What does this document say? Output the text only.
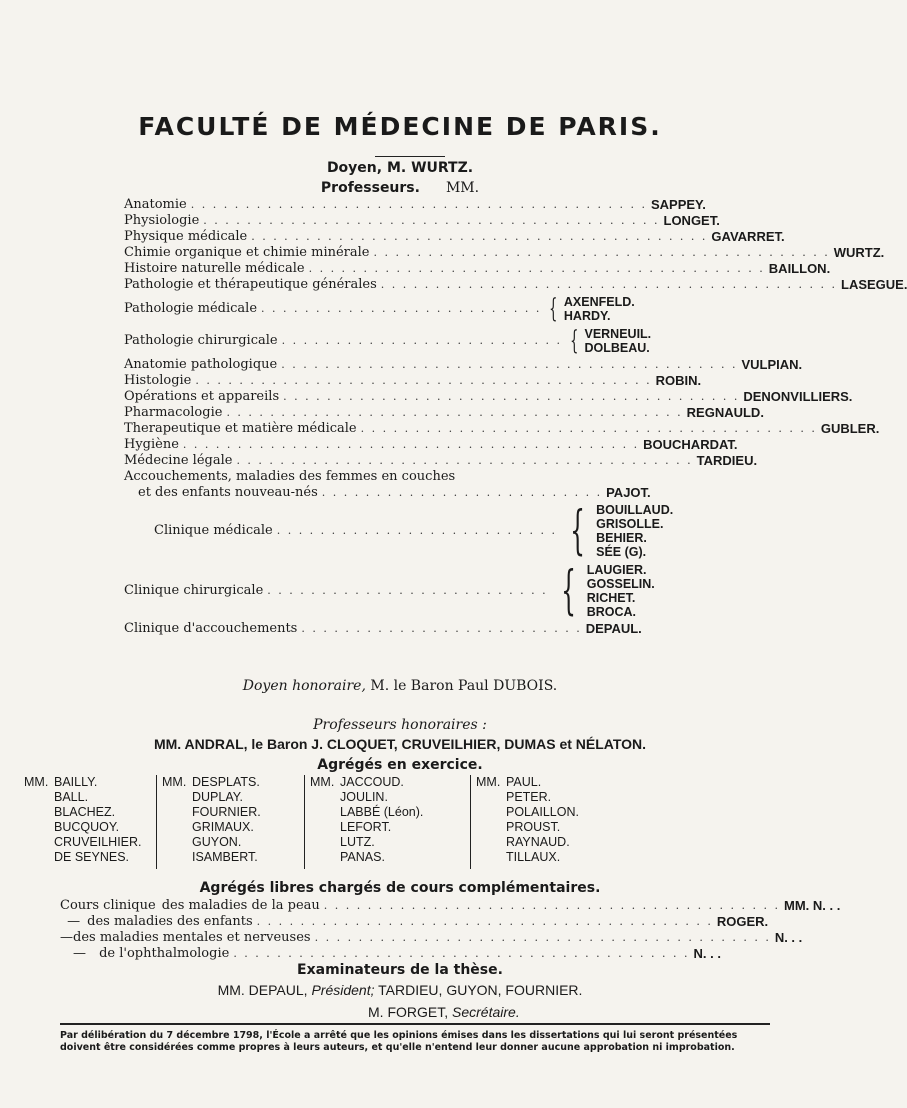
FACULTÉ DE MÉDECINE DE PARIS.
Doyen, M. WURTZ.
Professeurs. MM.
Anatomie . . . . . . . . . . . . . . . . . . . . . . . . . . . . . . . . . . . . . . . . . . SAPPEY.
Physiologie . . . . . . . . . . . . . . . . . . . . . . . . . . . . . . . . . . . . . . . . . . LONGET.
Physique médicale . . . . . . . . . . . . . . . . . . . . . . . . . . . . . . . . . . . . . . . . . . GAVARRET.
Chimie organique et chimie minérale . . . . . . . . . . . . . . . . . . . . . . . . . . . . . . . . . . . . . . . . . . WURTZ.
Histoire naturelle médicale . . . . . . . . . . . . . . . . . . . . . . . . . . . . . . . . . . . . . . . . . . BAILLON.
Pathologie et thérapeutique générales . . . . . . . . . . . . . . . . . . . . . . . . . . . . . . . . . . . . . . . . . . LASEGUE.
Pathologie médicale . . . . . . . . . . . . . . . . . . . . . . . . . . { AXENFELD.
HARDY.
Pathologie chirurgicale . . . . . . . . . . . . . . . . . . . . . . . . . . { VERNEUIL.
DOLBEAU.
Anatomie pathologique . . . . . . . . . . . . . . . . . . . . . . . . . . . . . . . . . . . . . . . . . . VULPIAN.
Histologie . . . . . . . . . . . . . . . . . . . . . . . . . . . . . . . . . . . . . . . . . . ROBIN.
Opérations et appareils . . . . . . . . . . . . . . . . . . . . . . . . . . . . . . . . . . . . . . . . . . DENONVILLIERS.
Pharmacologie . . . . . . . . . . . . . . . . . . . . . . . . . . . . . . . . . . . . . . . . . . REGNAULD.
Therapeutique et matière médicale . . . . . . . . . . . . . . . . . . . . . . . . . . . . . . . . . . . . . . . . . . GUBLER.
Hygiène . . . . . . . . . . . . . . . . . . . . . . . . . . . . . . . . . . . . . . . . . . BOUCHARDAT.
Médecine légale . . . . . . . . . . . . . . . . . . . . . . . . . . . . . . . . . . . . . . . . . . TARDIEU.
Accouchements, maladies des femmes en couches
et des enfants nouveau-nés . . . . . . . . . . . . . . . . . . . . . . . . . . PAJOT.
Clinique médicale . . . . . . . . . . . . . . . . . . . . . . . . . . { BOUILLAUD.
GRISOLLE.
BEHIER.
SÉE (G).
Clinique chirurgicale . . . . . . . . . . . . . . . . . . . . . . . . . . { LAUGIER.
GOSSELIN.
RICHET.
BROCA.
Clinique d'accouchements . . . . . . . . . . . . . . . . . . . . . . . . . . DEPAUL.
Doyen honoraire, M. le Baron Paul DUBOIS.
Professeurs honoraires :
MM. ANDRAL, le Baron J. CLOQUET, CRUVEILHIER, DUMAS et NÉLATON.
Agrégés en exercice.
MM. BAILLY.
BALL.
BLACHEZ.
BUCQUOY.
CRUVEILHIER.
DE SEYNES.
MM. DESPLATS.
DUPLAY.
FOURNIER.
GRIMAUX.
GUYON.
ISAMBERT.
MM. JACCOUD.
JOULIN.
LABBÉ (Léon).
LEFORT.
LUTZ.
PANAS.
MM. PAUL.
PETER.
POLAILLON.
PROUST.
RAYNAUD.
TILLAUX.
Agrégés libres chargés de cours complémentaires.
Cours clinique des maladies de la peau . . . . . . . . . . . . . . . . . . . . . . . . . . . . . . . . . . . . . . . . . . MM. N. . .
— des maladies des enfants . . . . . . . . . . . . . . . . . . . . . . . . . . . . . . . . . . . . . . . . . . ROGER.
— des maladies mentales et nerveuses . . . . . . . . . . . . . . . . . . . . . . . . . . . . . . . . . . . . . . . . . . N. . .
—	de l'ophthalmologie . . . . . . . . . . . . . . . . . . . . . . . . . . . . . . . . . . . . . . . . . . N. . .
Examinateurs de la thèse.
MM. DEPAUL, Président; TARDIEU, GUYON, FOURNIER.
M. FORGET, Secrétaire.
Par délibération du 7 décembre 1798, l'École a arrêté que les opinions émises dans les dissertations qui lui seront présentées doivent être considérées comme propres à leurs auteurs, et qu'elle n'entend leur donner aucune approbation ni improbation.
